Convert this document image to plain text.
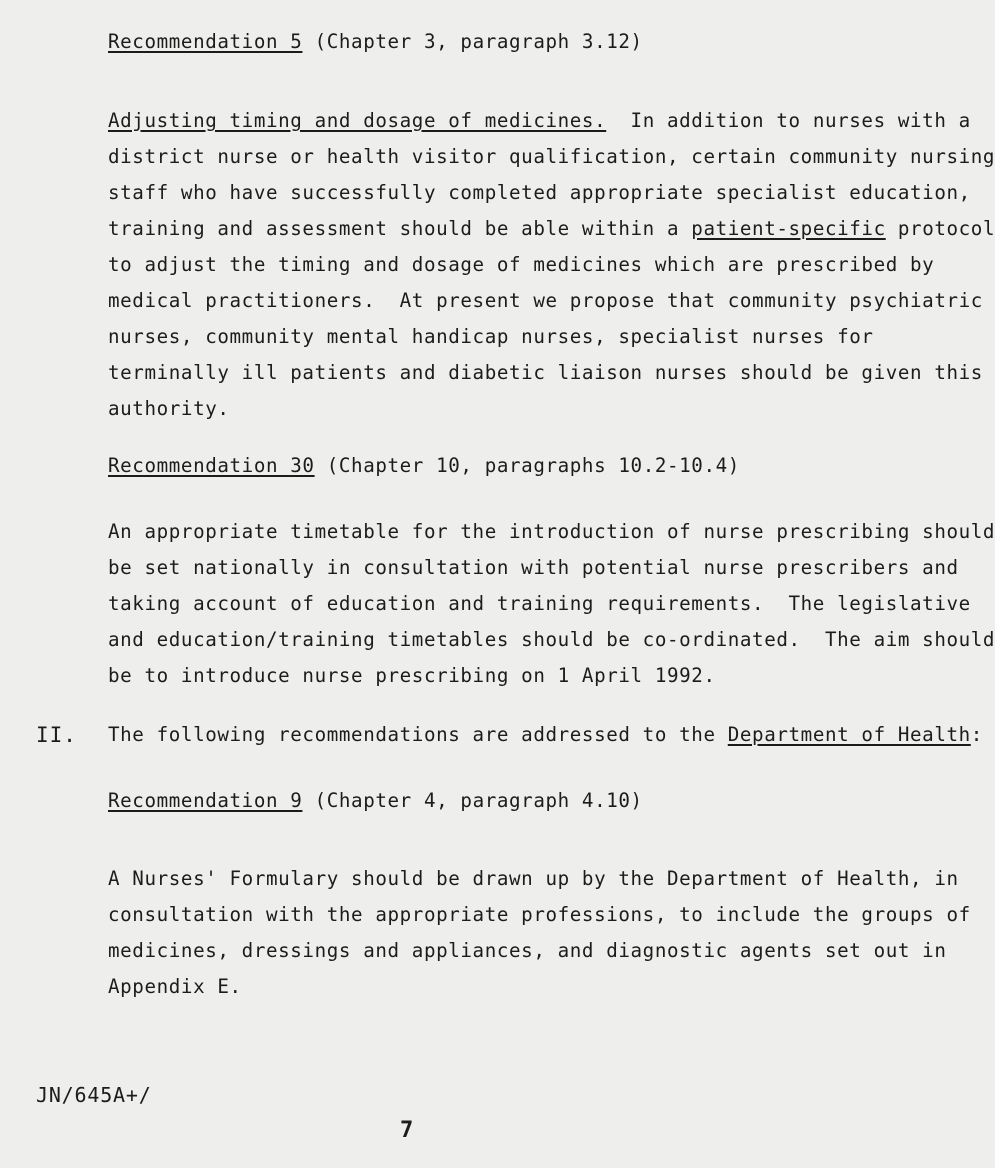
Recommendation 5 (Chapter 3, paragraph 3.12)
Adjusting timing and dosage of medicines.  In addition to nurses with a
district nurse or health visitor qualification, certain community nursing
staff who have successfully completed appropriate specialist education,
training and assessment should be able within a patient-specific protocol
to adjust the timing and dosage of medicines which are prescribed by
medical practitioners.  At present we propose that community psychiatric
nurses, community mental handicap nurses, specialist nurses for
terminally ill patients and diabetic liaison nurses should be given this
authority.
Recommendation 30 (Chapter 10, paragraphs 10.2-10.4)
An appropriate timetable for the introduction of nurse prescribing should
be set nationally in consultation with potential nurse prescribers and
taking account of education and training requirements.  The legislative
and education/training timetables should be co-ordinated.  The aim should
be to introduce nurse prescribing on 1 April 1992.
II. The following recommendations are addressed to the Department of Health:
Recommendation 9 (Chapter 4, paragraph 4.10)
A Nurses' Formulary should be drawn up by the Department of Health, in
consultation with the appropriate professions, to include the groups of
medicines, dressings and appliances, and diagnostic agents set out in
Appendix E.
JN/645A+/
7
